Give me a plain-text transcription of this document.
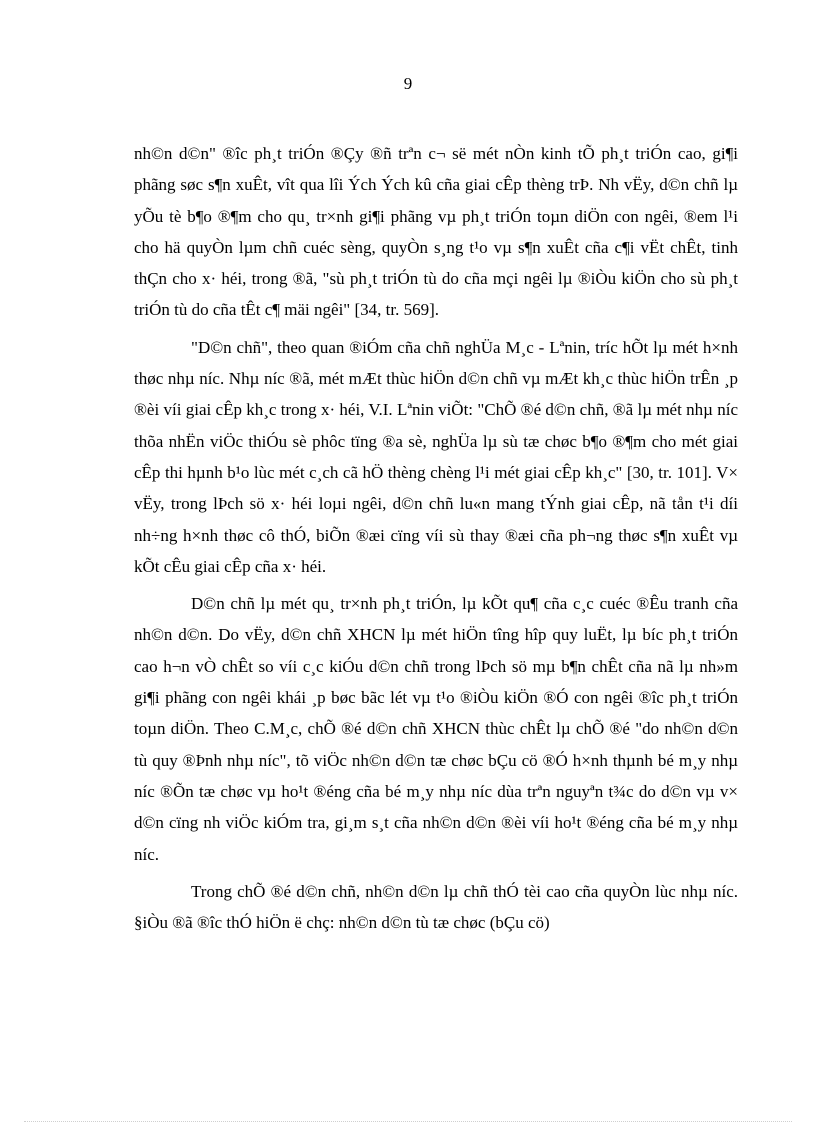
9

nh©n d©n" ®îc ph¸t triÓn ®Çy ®ñ trªn c¬ së mét nÒn kinh tÕ ph¸t triÓn cao, gi¶i phãng søc s¶n xuÊt, vît qua lîi Ých Ých kû cña giai cÊp thèng trÞ. Nh vËy, d©n chñ lµ yÕu tè b¶o ®¶m cho qu¸ tr×nh gi¶i phãng vµ ph¸t triÓn toµn diÖn con ngêi, ®em l¹i cho hä quyÒn lµm chñ cuéc sèng, quyÒn s¸ng t¹o vµ s¶n xuÊt cña c¶i vËt chÊt, tinh thÇn cho x· héi, trong ®ã, "sù ph¸t triÓn tù do cña mçi ngêi lµ ®iÒu kiÖn cho sù ph¸t triÓn tù do cña tÊt c¶ mäi ngêi" [34, tr. 569].

"D©n chñ", theo quan ®iÓm cña chñ nghÜa M¸c - Lªnin, tríc hÕt lµ mét h×nh thøc nhµ níc. Nhµ níc ®ã, mét mÆt thùc hiÖn d©n chñ vµ mÆt kh¸c thùc hiÖn trÊn ¸p ®èi víi giai cÊp kh¸c trong x· héi, V.I. Lªnin viÕt: "ChÕ ®é d©n chñ, ®ã lµ mét nhµ níc thõa nhËn viÖc thiÓu sè phôc tïng ®a sè, nghÜa lµ sù tæ chøc b¶o ®¶m cho mét giai cÊp thi hµnh b¹o lùc mét c¸ch cã hÖ thèng chèng l¹i mét giai cÊp kh¸c" [30, tr. 101]. V× vËy, trong lÞch sö x· héi loµi ngêi, d©n chñ lu«n mang tÝnh giai cÊp, nã tån t¹i díi nh÷ng h×nh thøc cô thÓ, biÕn ®æi cïng víi sù thay ®æi cña ph¬ng thøc s¶n xuÊt vµ kÕt cÊu giai cÊp cña x· héi.

D©n chñ lµ mét qu¸ tr×nh ph¸t triÓn, lµ kÕt qu¶ cña c¸c cuéc ®Êu tranh cña nh©n d©n. Do vËy, d©n chñ XHCN lµ mét hiÖn tîng hîp quy luËt, lµ bíc ph¸t triÓn cao h¬n vÒ chÊt so víi c¸c kiÓu d©n chñ trong lÞch sö mµ b¶n chÊt cña nã lµ nh»m gi¶i phãng con ngêi khái ¸p bøc bãc lét vµ t¹o ®iÒu kiÖn ®Ó con ngêi ®îc ph¸t triÓn toµn diÖn. Theo C.M¸c, chÕ ®é d©n chñ XHCN thùc chÊt lµ chÕ ®é "do nh©n d©n tù quy ®Þnh nhµ níc", tõ viÖc nh©n d©n tæ chøc bÇu cö ®Ó h×nh thµnh bé m¸y nhµ níc ®Õn tæ chøc vµ ho¹t ®éng cña bé m¸y nhµ níc dùa trªn nguyªn t¾c do d©n vµ v× d©n cïng nh viÖc kiÓm tra, gi¸m s¸t cña nh©n d©n ®èi víi ho¹t ®éng cña bé m¸y nhµ níc.

Trong chÕ ®é d©n chñ, nh©n d©n lµ chñ thÓ tèi cao cña quyÒn lùc nhµ níc. §iÒu ®ã ®îc thÓ hiÖn ë chç: nh©n d©n tù tæ chøc (bÇu cö)
